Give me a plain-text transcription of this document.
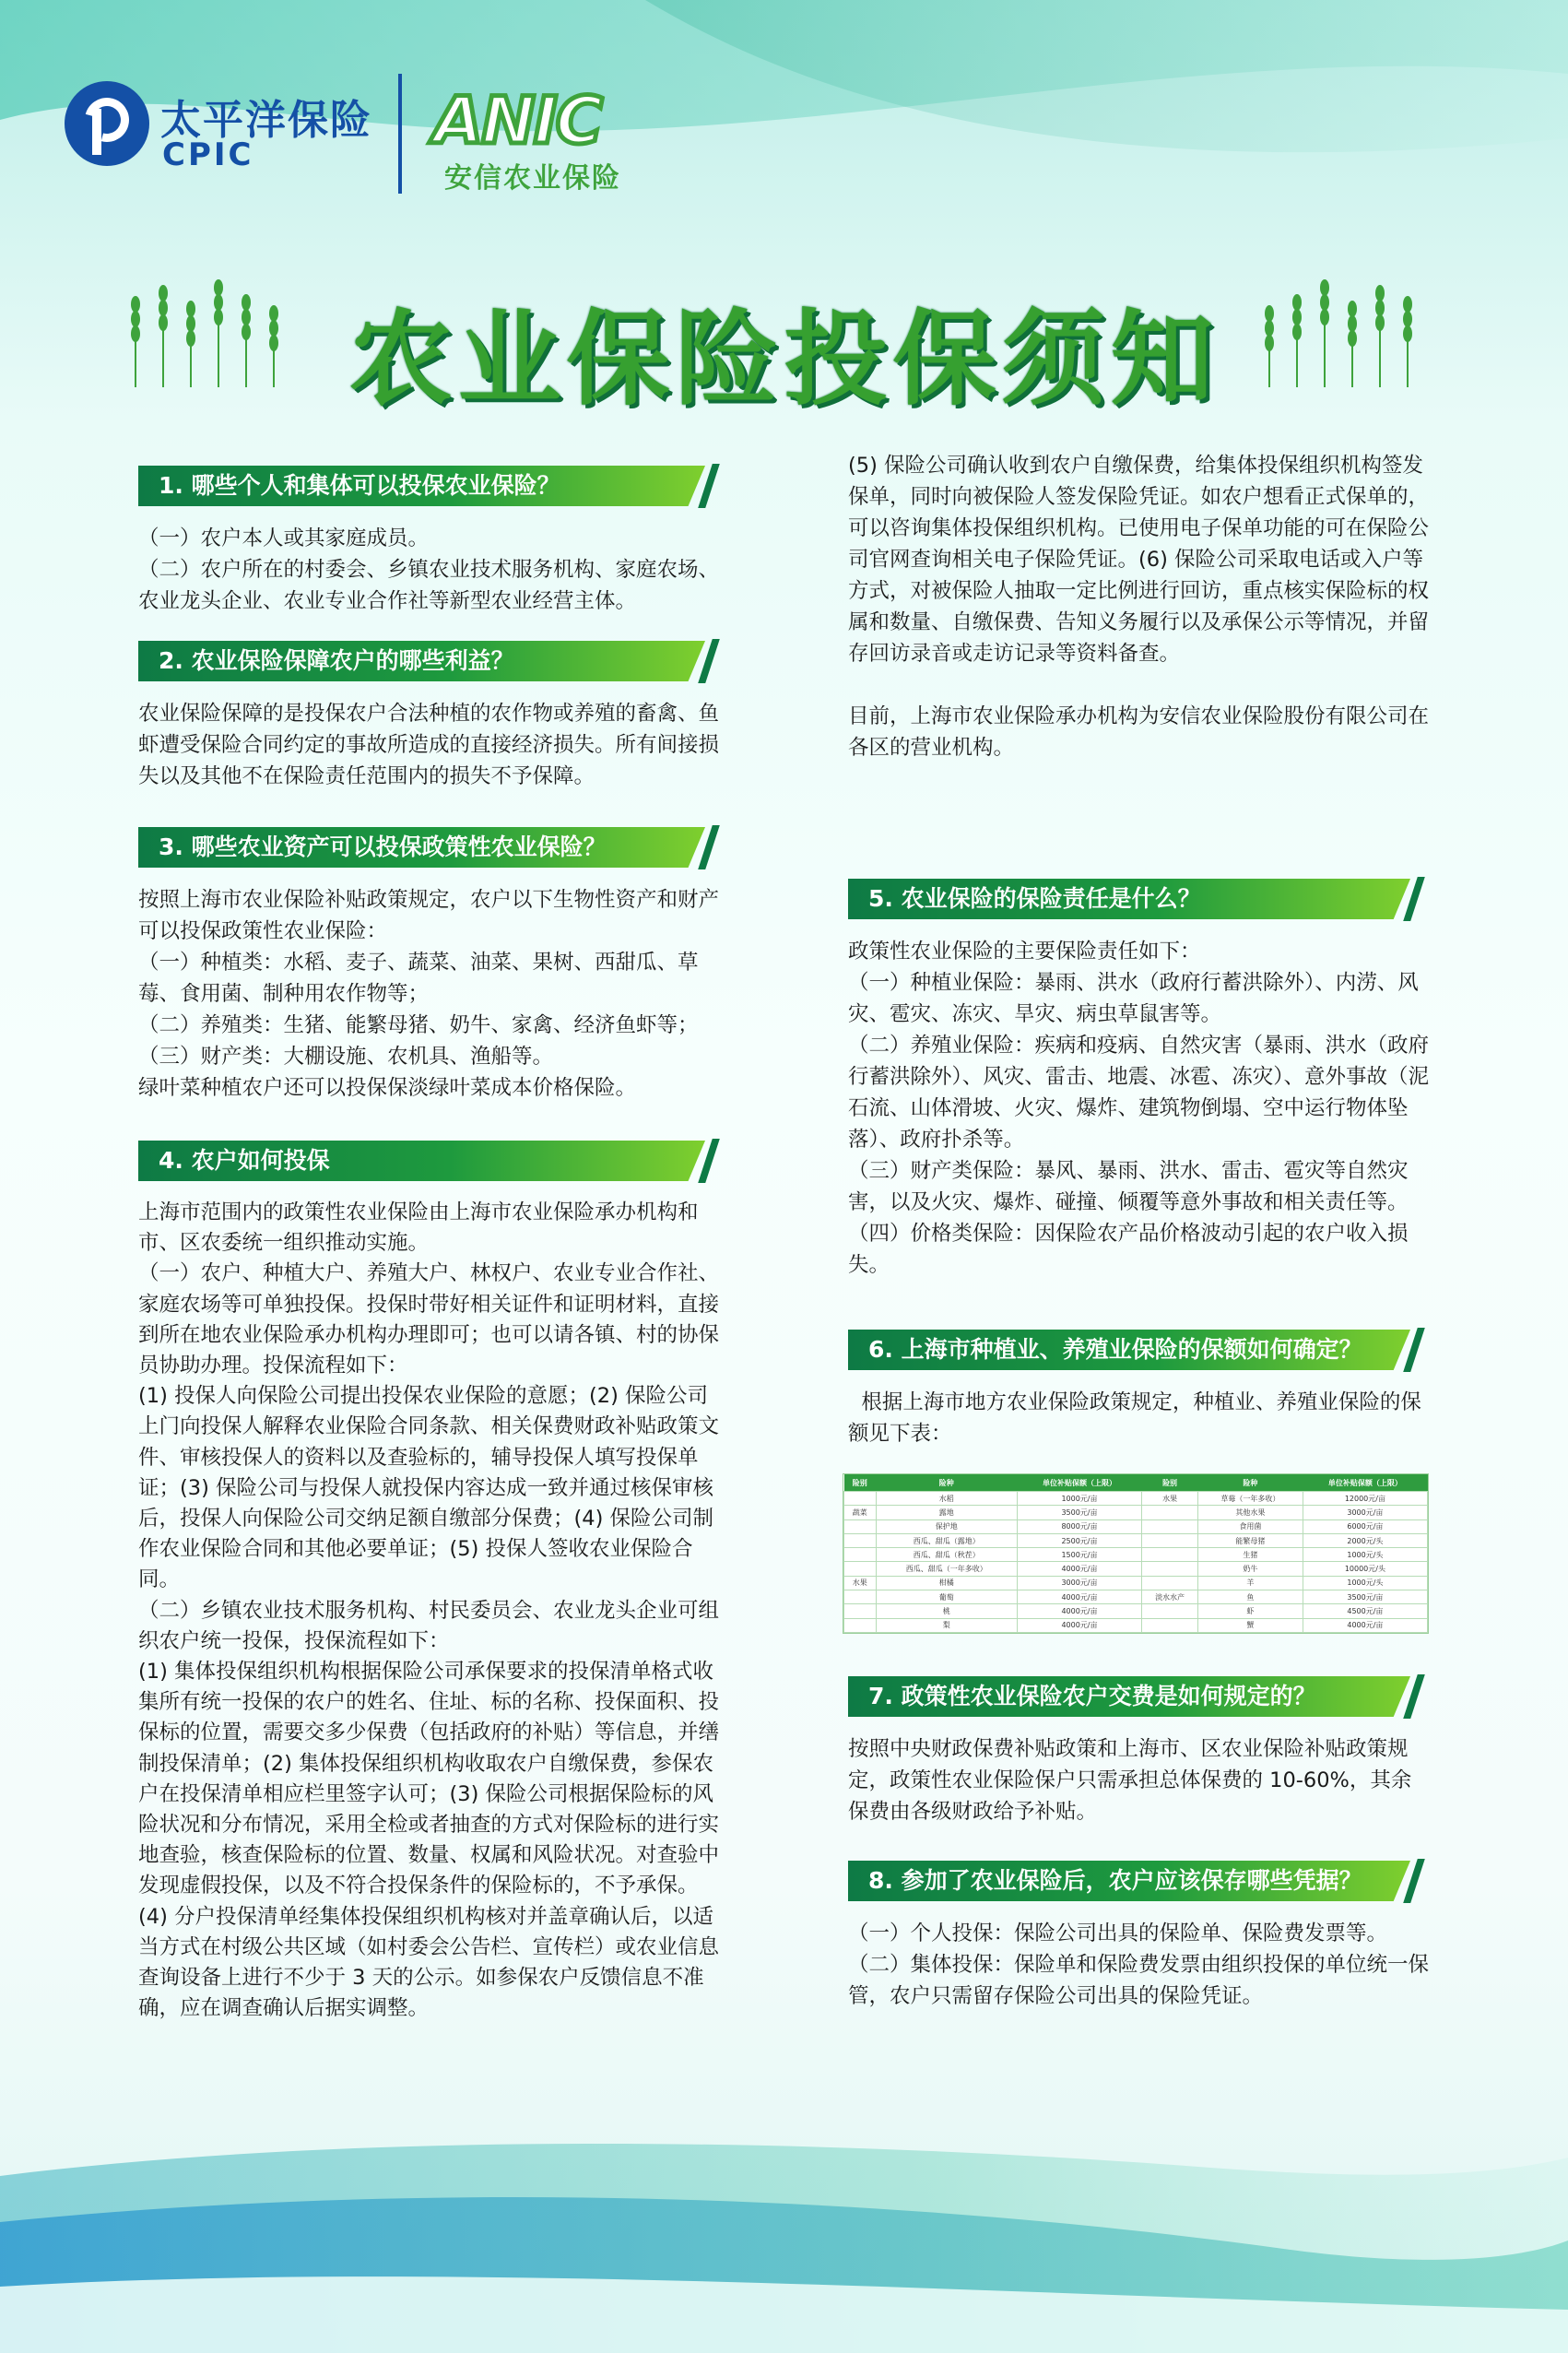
太平洋保险
CPIC	ANIC
安信农业保险
农业保险投保须知
1. 哪些个人和集体可以投保农业保险？
（一）农户本人或其家庭成员。
（二）农户所在的村委会、乡镇农业技术服务机构、家庭农场、农业龙头企业、农业专业合作社等新型农业经营主体。
2. 农业保险保障农户的哪些利益？
农业保险保障的是投保农户合法种植的农作物或养殖的畜禽、鱼虾遭受保险合同约定的事故所造成的直接经济损失。所有间接损失以及其他不在保险责任范围内的损失不予保障。
3. 哪些农业资产可以投保政策性农业保险？
按照上海市农业保险补贴政策规定，农户以下生物性资产和财产可以投保政策性农业保险：
（一）种植类：水稻、麦子、蔬菜、油菜、果树、西甜瓜、草莓、食用菌、制种用农作物等；
（二）养殖类：生猪、能繁母猪、奶牛、家禽、经济鱼虾等；
（三）财产类：大棚设施、农机具、渔船等。
绿叶菜种植农户还可以投保保淡绿叶菜成本价格保险。
4. 农户如何投保
上海市范围内的政策性农业保险由上海市农业保险承办机构和市、区农委统一组织推动实施。
（一）农户、种植大户、养殖大户、林权户、农业专业合作社、家庭农场等可单独投保。投保时带好相关证件和证明材料，直接到所在地农业保险承办机构办理即可；也可以请各镇、村的协保员协助办理。投保流程如下：
(1) 投保人向保险公司提出投保农业保险的意愿；(2) 保险公司上门向投保人解释农业保险合同条款、相关保费财政补贴政策文件、审核投保人的资料以及查验标的，辅导投保人填写投保单证；(3) 保险公司与投保人就投保内容达成一致并通过核保审核后，投保人向保险公司交纳足额自缴部分保费；(4) 保险公司制作农业保险合同和其他必要单证；(5) 投保人签收农业保险合同。
（二）乡镇农业技术服务机构、村民委员会、农业龙头企业可组织农户统一投保，投保流程如下：
(1) 集体投保组织机构根据保险公司承保要求的投保清单格式收集所有统一投保的农户的姓名、住址、标的名称、投保面积、投保标的位置，需要交多少保费（包括政府的补贴）等信息，并缮制投保清单；(2) 集体投保组织机构收取农户自缴保费，参保农户在投保清单相应栏里签字认可；(3) 保险公司根据保险标的风险状况和分布情况，采用全检或者抽查的方式对保险标的进行实地查验，核查保险标的位置、数量、权属和风险状况。对查验中发现虚假投保，以及不符合投保条件的保险标的，不予承保。(4) 分户投保清单经集体投保组织机构核对并盖章确认后，以适当方式在村级公共区域（如村委会公告栏、宣传栏）或农业信息查询设备上进行不少于 3 天的公示。如参保农户反馈信息不准确，应在调查确认后据实调整。
(5) 保险公司确认收到农户自缴保费，给集体投保组织机构签发保单，同时向被保险人签发保险凭证。如农户想看正式保单的，可以咨询集体投保组织机构。已使用电子保单功能的可在保险公司官网查询相关电子保险凭证。(6) 保险公司采取电话或入户等方式，对被保险人抽取一定比例进行回访，重点核实保险标的权属和数量、自缴保费、告知义务履行以及承保公示等情况，并留存回访录音或走访记录等资料备查。

目前，上海市农业保险承办机构为安信农业保险股份有限公司在各区的营业机构。
5. 农业保险的保险责任是什么？
政策性农业保险的主要保险责任如下：
（一）种植业保险：暴雨、洪水（政府行蓄洪除外）、内涝、风灾、雹灾、冻灾、旱灾、病虫草鼠害等。
（二）养殖业保险：疾病和疫病、自然灾害（暴雨、洪水（政府行蓄洪除外）、风灾、雷击、地震、冰雹、冻灾）、意外事故（泥石流、山体滑坡、火灾、爆炸、建筑物倒塌、空中运行物体坠落）、政府扑杀等。
（三）财产类保险：暴风、暴雨、洪水、雷击、雹灾等自然灾害，以及火灾、爆炸、碰撞、倾覆等意外事故和相关责任等。
（四）价格类保险：因保险农产品价格波动引起的农户收入损失。
6. 上海市种植业、养殖业保险的保额如何确定？
根据上海市地方农业保险政策规定，种植业、养殖业保险的保额见下表：
险别	险种	单位补贴保额（上限）	险别	险种	单位补贴保额（上限）
	水稻	1000元/亩	水果	草莓（一年多收）	12000元/亩
蔬菜	露地	3500元/亩		其他水果	3000元/亩
	保护地	8000元/亩		食用菌	6000元/亩
	西瓜、甜瓜（露地）	2500元/亩		能繁母猪	2000元/头
	西瓜、甜瓜（秋茬）	1500元/亩		生猪	1000元/头
	西瓜、甜瓜（一年多收）	4000元/亩		奶牛	10000元/头
水果	柑橘	3000元/亩		羊	1000元/头
	葡萄	4000元/亩	淡水水产	鱼	3500元/亩
	桃	4000元/亩		虾	4500元/亩
	梨	4000元/亩		蟹	4000元/亩
7. 政策性农业保险农户交费是如何规定的？
按照中央财政保费补贴政策和上海市、区农业保险补贴政策规定，政策性农业保险保户只需承担总体保费的 10-60%，其余保费由各级财政给予补贴。
8. 参加了农业保险后，农户应该保存哪些凭据？
（一）个人投保：保险公司出具的保险单、保险费发票等。
（二）集体投保：保险单和保险费发票由组织投保的单位统一保管，农户只需留存保险公司出具的保险凭证。
